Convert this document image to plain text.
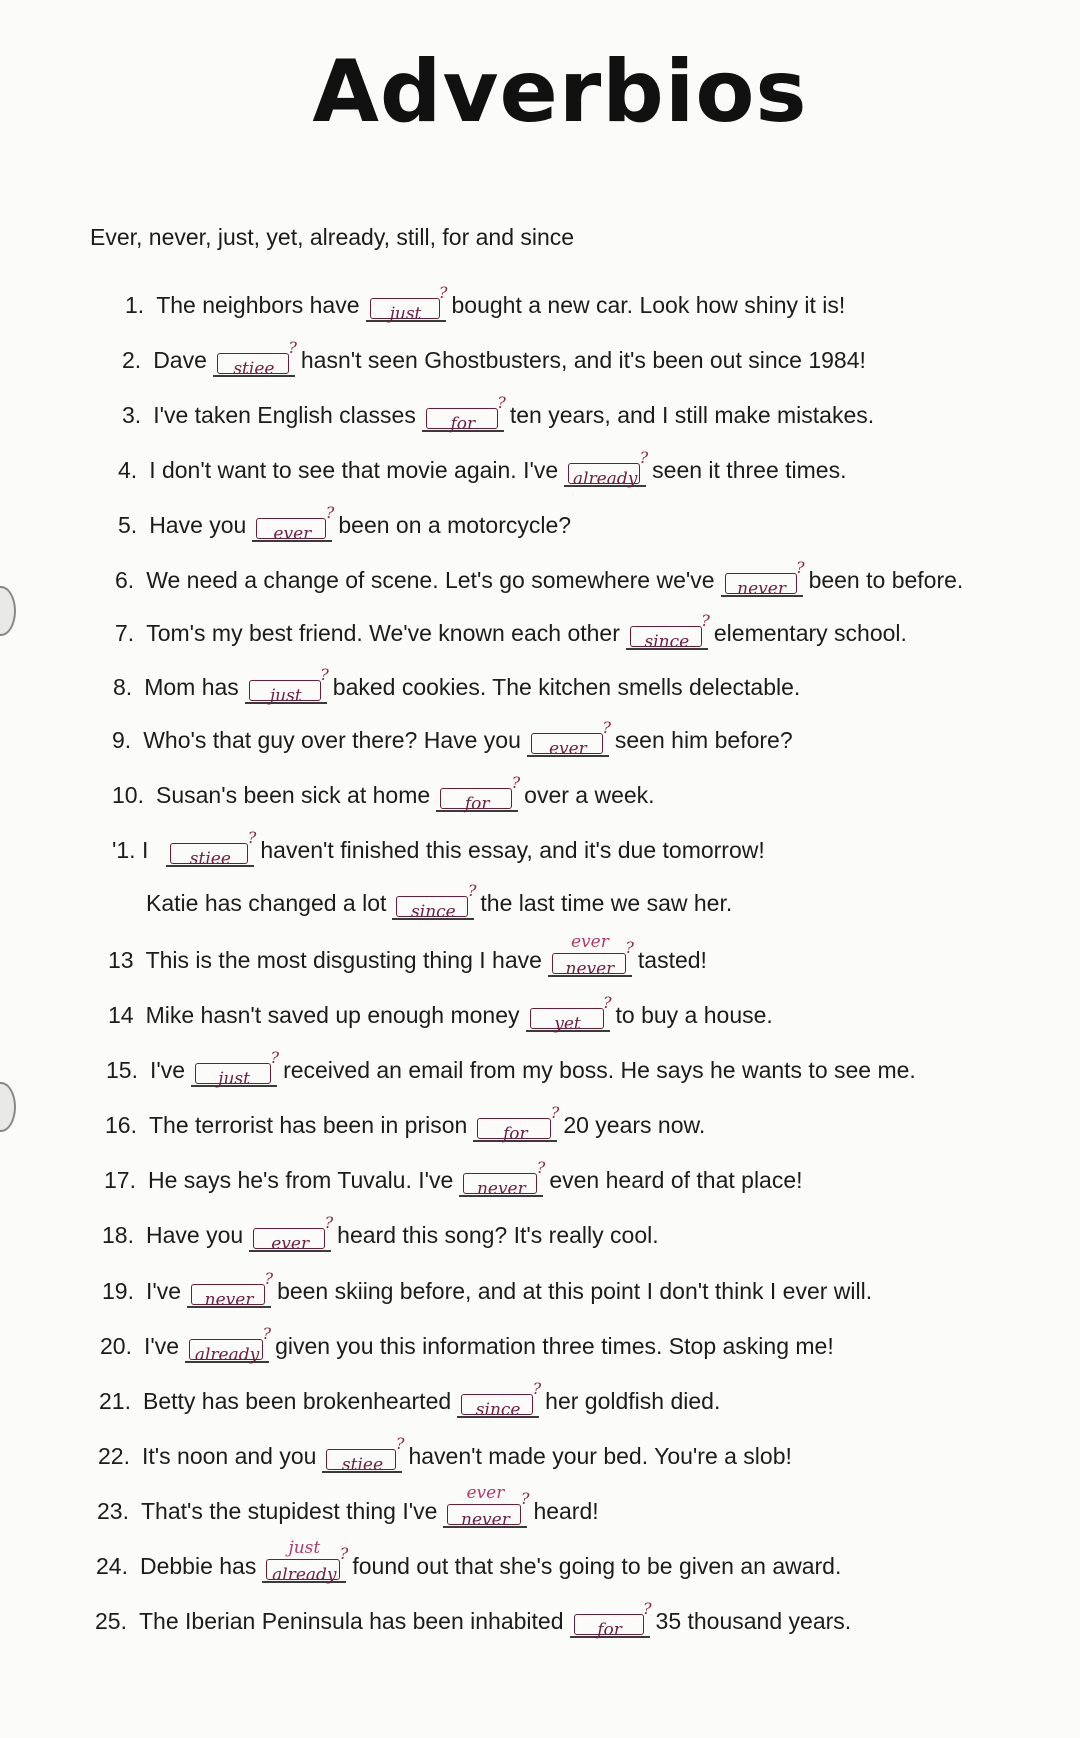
Adverbios
Ever, never, just, yet, already, still, for and since
1. The neighbors have just
? bought a new car. Look how shiny it is!
2. Dave stiee
? hasn't seen Ghostbusters, and it's been out since 1984!
3. I've taken English classes for
? ten years, and I still make mistakes.
4. I don't want to see that movie again. I've already
? seen it three times.
5. Have you ever
? been on a motorcycle?
6. We need a change of scene. Let's go somewhere we've never
? been to before.
7. Tom's my best friend. We've known each other since
? elementary school.
8. Mom has just
? baked cookies. The kitchen smells delectable.
9. Who's that guy over there? Have you ever
? seen him before?
10. Susan's been sick at home for
? over a week.
'1. I stiee
? haven't finished this essay, and it's due tomorrow!
Katie has changed a lot since
? the last time we saw her.
13 This is the most disgusting thing I have never
?
ever
tasted!
14 Mike hasn't saved up enough money yet
? to buy a house.
15. I've just
? received an email from my boss. He says he wants to see me.
16. The terrorist has been in prison for
? 20 years now.
17. He says he's from Tuvalu. I've never
? even heard of that place!
18. Have you ever
? heard this song? It's really cool.
19. I've never
? been skiing before, and at this point I don't think I ever will.
20. I've already
? given you this information three times. Stop asking me!
21. Betty has been brokenhearted since
? her goldfish died.
22. It's noon and you stiee
? haven't made your bed. You're a slob!
23. That's the stupidest thing I've never
?
ever
heard!
24. Debbie has already
?
just
found out that she's going to be given an award.
25. The Iberian Peninsula has been inhabited for
? 35 thousand years.
